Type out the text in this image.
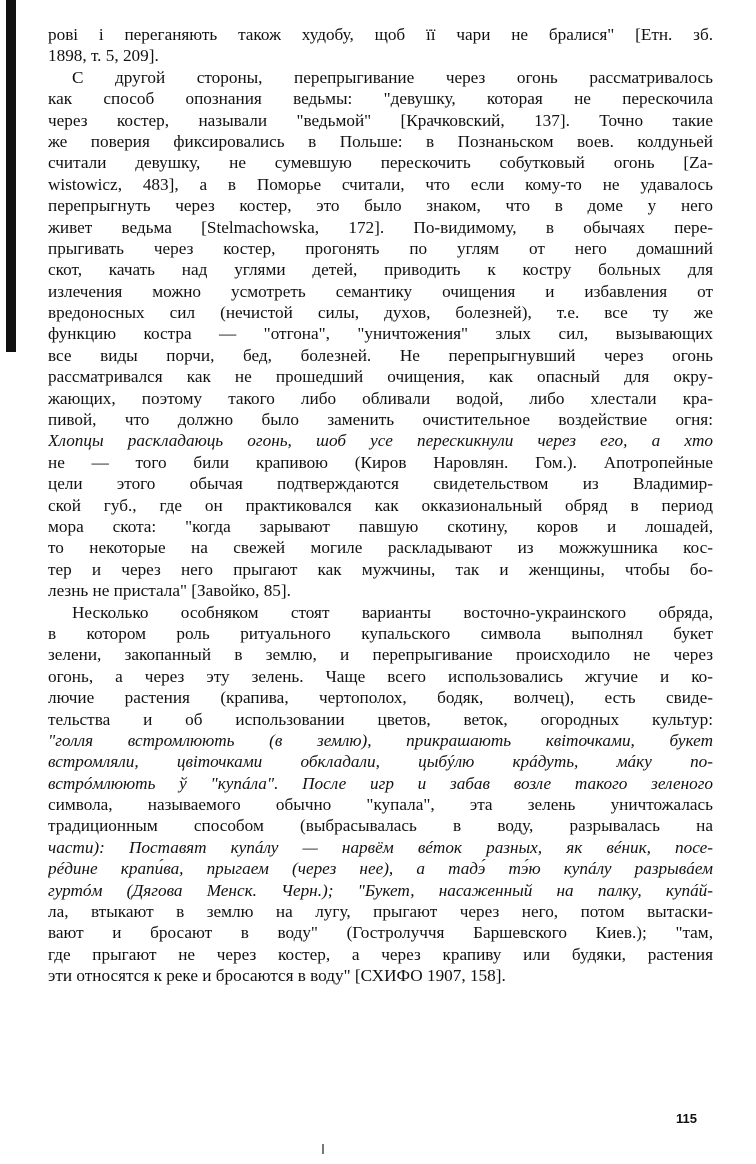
рові і переганяють також худобу, щоб її чари не бралися" [Етн. зб.
1898, т. 5, 209].
С другой стороны, перепрыгивание через огонь рассматривалось
как способ опознания ведьмы: "девушку, которая не перескочила
через костер, называли "ведьмой" [Крачковский, 137]. Точно такие
же поверия фиксировались в Польше: в Познаньском воев. колдуньей
считали девушку, не сумевшую перескочить собутковый огонь [Za-
wistowicz, 483], а в Поморье считали, что если кому-то не удавалось
перепрыгнуть через костер, это было знаком, что в доме у него
живет ведьма [Stelmachowska, 172]. По-видимому, в обычаях пере-
прыгивать через костер, прогонять по углям от него домашний
скот, качать над углями детей, приводить к костру больных для
излечения можно усмотреть семантику очищения и избавления от
вредоносных сил (нечистой силы, духов, болезней), т.е. все ту же
функцию костра — "отгона", "уничтожения" злых сил, вызывающих
все виды порчи, бед, болезней. Не перепрыгнувший через огонь
рассматривался как не прошедший очищения, как опасный для окру-
жающих, поэтому такого либо обливали водой, либо хлестали кра-
пивой, что должно было заменить очистительное воздействие огня:
Хлопцы раскладаюць огонь, шоб усе перескикнули через его, а хто
не — того били крапивою (Киров Наровлян. Гом.). Апотропейные
цели этого обычая подтверждаются свидетельством из Владимир-
ской губ., где он практиковался как окказиональный обряд в период
мора скота: "когда зарывают павшую скотину, коров и лошадей,
то некоторые на свежей могиле раскладывают из можжушника кос-
тер и через него прыгают как мужчины, так и женщины, чтобы бо-
лезнь не пристала" [Завойко, 85].
Несколько особняком стоят варианты восточно-украинского обряда,
в котором роль ритуального купальского символа выполнял букет
зелени, закопанный в землю, и перепрыгивание происходило не через
огонь, а через эту зелень. Чаще всего использовались жгучие и ко-
лючие растения (крапива, чертополох, бодяк, волчец), есть свиде-
тельства и об использовании цветов, веток, огородных культур:
"голля встромлюють (в землю), прикрашають квіточками, букет
встромляли, цвіточками обкладали, цыбýлю крáдуть, мáку по-
встрóмлюють ў "купáла". После игр и забав возле такого зеленого
символа, называемого обычно "купала", эта зелень уничтожалась
традиционным способом (выбрасывалась в воду, разрывалась на
части): Поставят купáлу — нарвём вéток разных, як вéник, посе-
рéдине крапи́ва, прыгаем (через нее), а тадэ́ тэ́ю купáлу разрывáем
гуртóм (Дягова Менск. Черн.); "Букет, насаженный на палку, купáй-
ла, втыкают в землю на лугу, прыгают через него, потом вытаски-
вают и бросают в воду" (Гостролуччя Баршевского Киев.); "там,
где прыгают не через костер, а через крапиву или будяки, растения
эти относятся к реке и бросаются в воду" [СХИФО 1907, 158].
115
